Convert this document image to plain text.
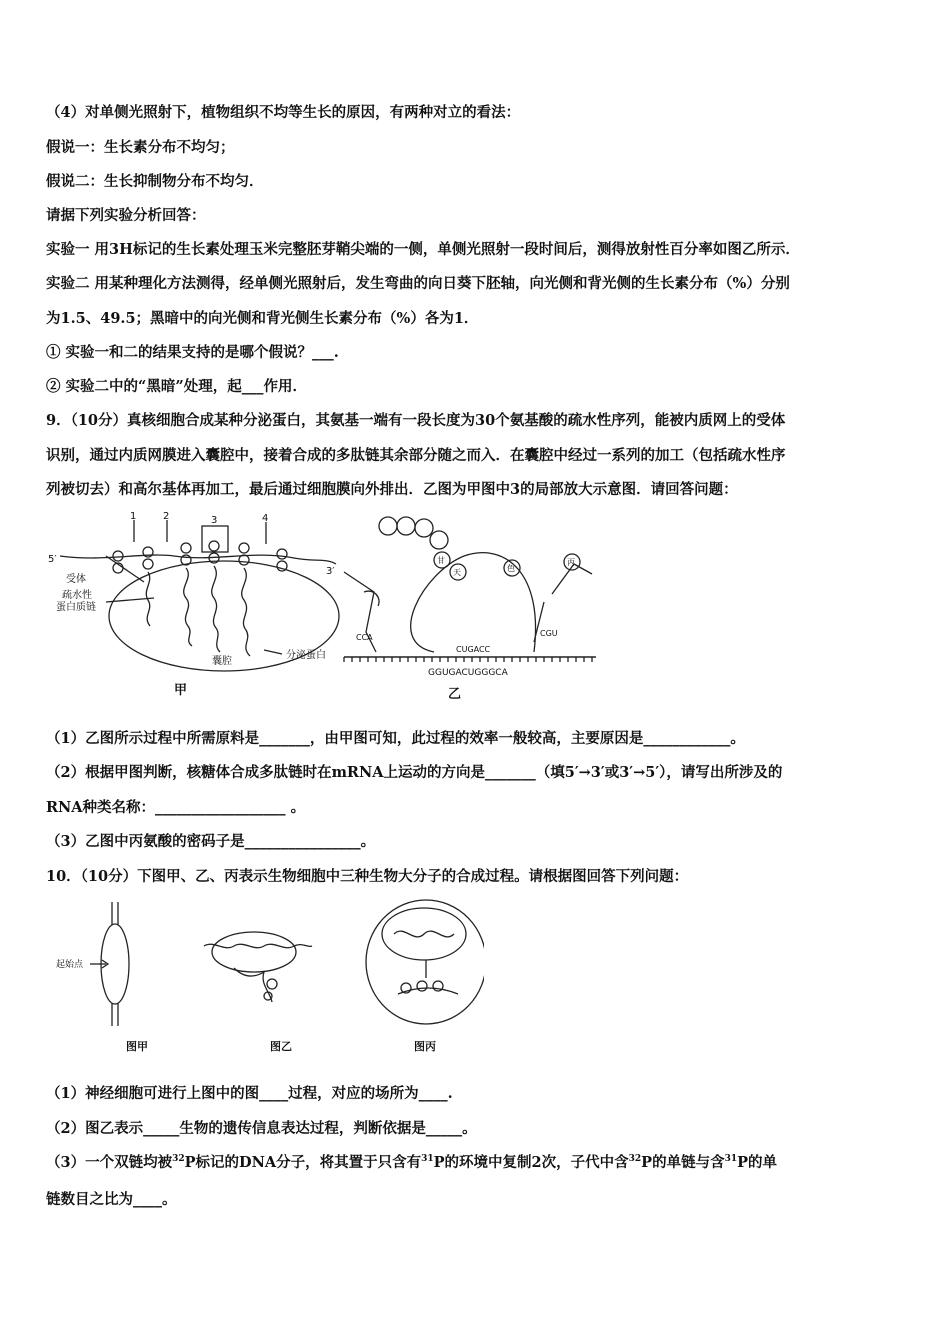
（4）对单侧光照射下，植物组织不均等生长的原因，有两种对立的看法：
假说一：生长素分布不均匀；
假说二：生长抑制物分布不均匀．
请据下列实验分析回答：
实验一 用3H标记的生长素处理玉米完整胚芽鞘尖端的一侧，单侧光照射一段时间后，测得放射性百分率如图乙所示．
实验二 用某种理化方法测得，经单侧光照射后，发生弯曲的向日葵下胚轴，向光侧和背光侧的生长素分布（%）分别
为1.5、49.5；黑暗中的向光侧和背光侧生长素分布（%）各为1．
① 实验一和二的结果支持的是哪个假说？___.
② 实验二中的“黑暗”处理，起___作用．
9．（10分）真核细胞合成某种分泌蛋白，其氨基一端有一段长度为30个氨基酸的疏水性序列，能被内质网上的受体
识别，通过内质网膜进入囊腔中，接着合成的多肽链其余部分随之而入．在囊腔中经过一系列的加工（包括疏水性序
列被切去）和高尔基体再加工，最后通过细胞膜向外排出．乙图为甲图中3的局部放大示意图．请回答问题：
5′
3′
1	2	3	4
受体
疏水性
蛋白质链
分泌蛋白
囊腔
甲
甘
天	色
丙
CCA
CUGACC
CGU
GGUGACUGGGCA
乙
（1）乙图所示过程中所需原料是_______，由甲图可知，此过程的效率一般较高，主要原因是____________。
（2）根据甲图判断，核糖体合成多肽链时在mRNA上运动的方向是_______（填5′→3′或3′→5′），请写出所涉及的
RNA种类名称：__________________ 。
（3）乙图中丙氨酸的密码子是________________。
10．（10分）下图甲、乙、丙表示生物细胞中三种生物大分子的合成过程。请根据图回答下列问题：
起始点
图甲	图乙	图丙
（1）神经细胞可进行上图中的图____过程，对应的场所为____.
（2）图乙表示_____生物的遗传信息表达过程，判断依据是_____。
（3）一个双链均被$^{32}$P标记的DNA分子，将其置于只含有$^{31}$P的环境中复制2次，子代中含$^{32}$P的单链与含$^{31}$P的单
链数目之比为____。
